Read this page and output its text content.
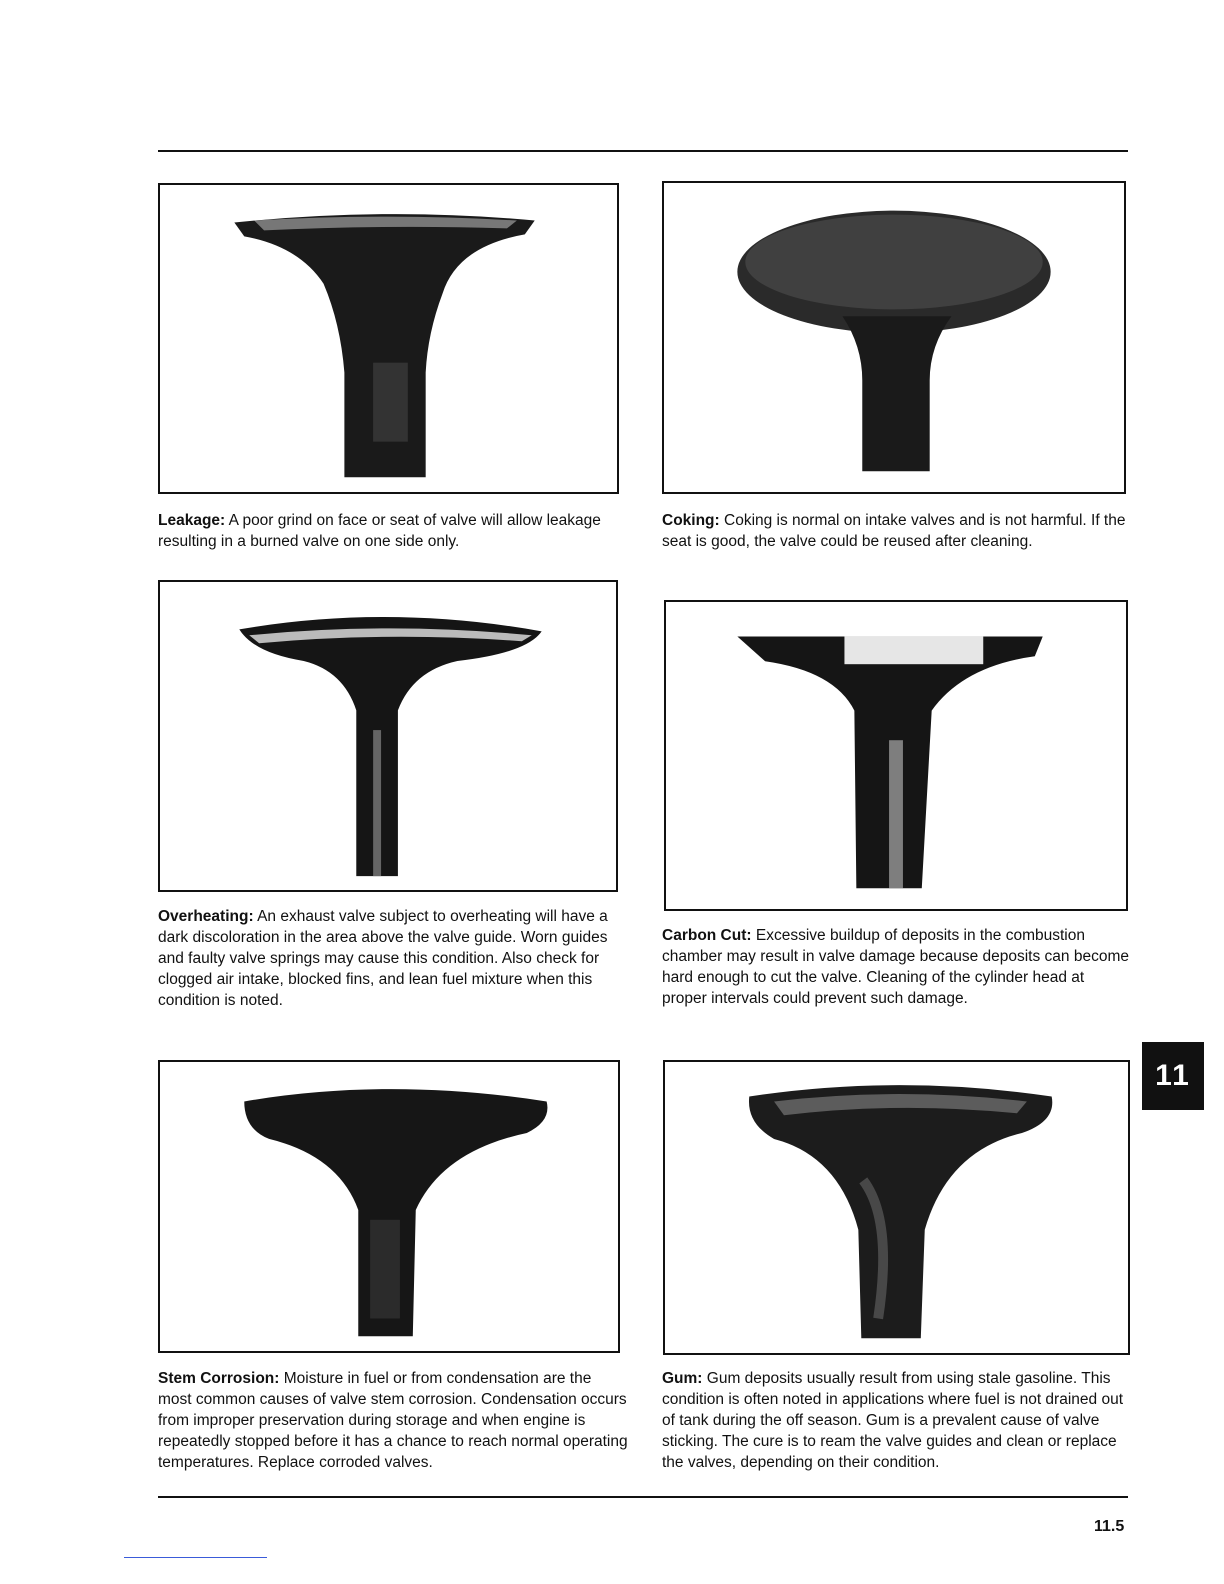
Leakage: A poor grind on face or seat of valve will allow leakage resulting in a burned valve on one side only.
Coking: Coking is normal on intake valves and is not harmful. If the seat is good, the valve could be reused after cleaning.
Overheating: An exhaust valve subject to overheating will have a dark discoloration in the area above the valve guide. Worn guides and faulty valve springs may cause this condition. Also check for clogged air intake, blocked fins, and lean fuel mixture when this condition is noted.
Carbon Cut: Excessive buildup of deposits in the combustion chamber may result in valve damage because deposits can become hard enough to cut the valve. Cleaning of the cylinder head at proper intervals could prevent such damage.
Stem Corrosion: Moisture in fuel or from condensation are the most common causes of valve stem corrosion. Condensation occurs from improper preservation during storage and when engine is repeatedly stopped before it has a chance to reach normal operating temperatures. Replace corroded valves.
Gum: Gum deposits usually result from using stale gasoline. This condition is often noted in applications where fuel is not drained out of tank during the off season. Gum is a prevalent cause of valve sticking. The cure is to ream the valve guides and clean or replace the valves, depending on their condition.
11
11.5
